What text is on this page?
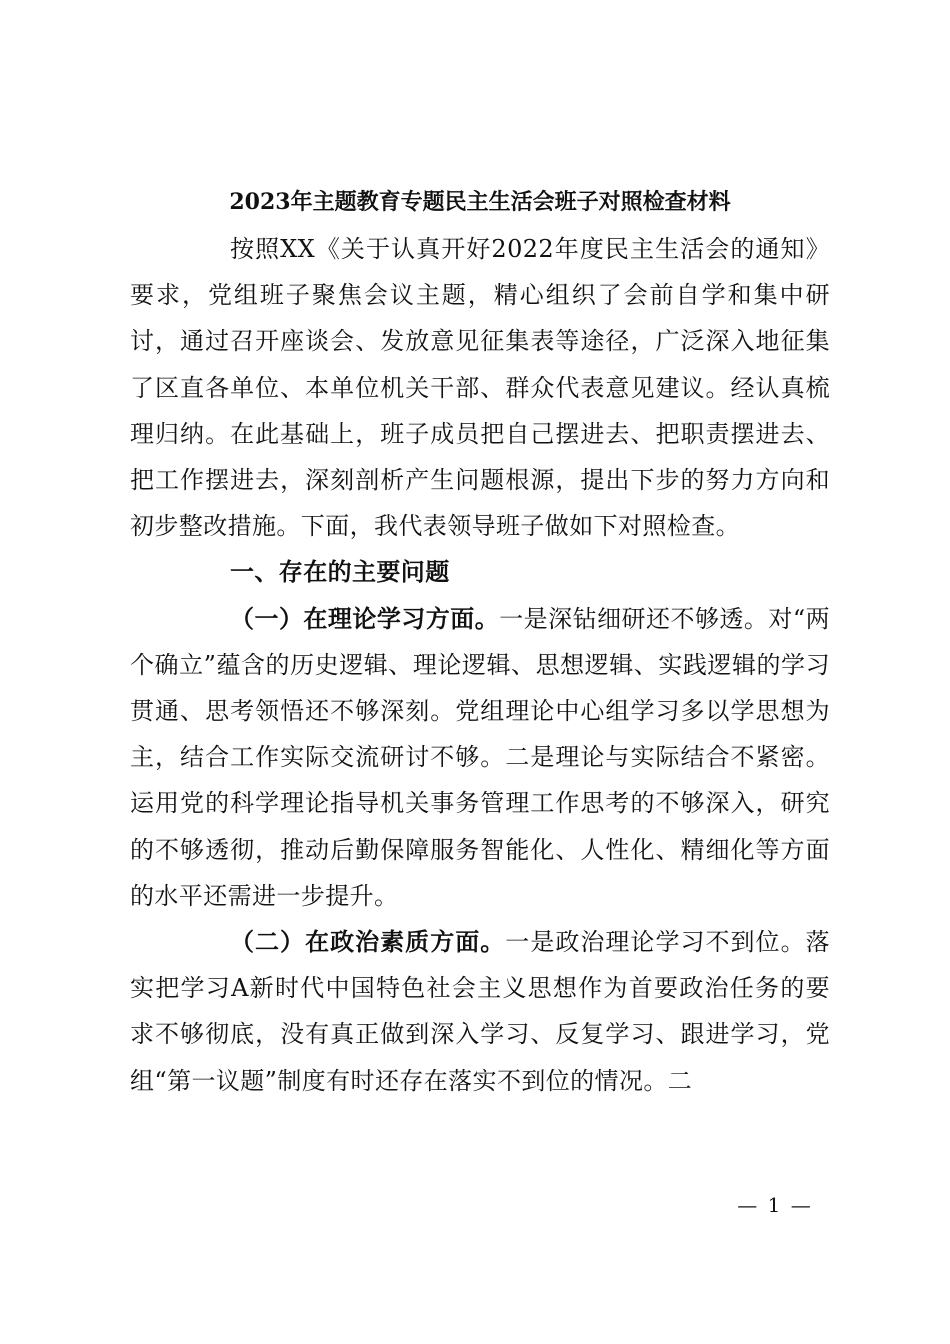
2023年主题教育专题民主生活会班子对照检查材料

按照XX《关于认真开好2022年度民主生活会的通知》要求，党组班子聚焦会议主题，精心组织了会前自学和集中研讨，通过召开座谈会、发放意见征集表等途径，广泛深入地征集了区直各单位、本单位机关干部、群众代表意见建议。经认真梳理归纳。在此基础上，班子成员把自己摆进去、把职责摆进去、把工作摆进去，深刻剖析产生问题根源，提出下步的努力方向和初步整改措施。下面，我代表领导班子做如下对照检查。

一、存在的主要问题

（一）在理论学习方面。一是深钻细研还不够透。对“两个确立”蕴含的历史逻辑、理论逻辑、思想逻辑、实践逻辑的学习贯通、思考领悟还不够深刻。党组理论中心组学习多以学思想为主，结合工作实际交流研讨不够。二是理论与实际结合不紧密。运用党的科学理论指导机关事务管理工作思考的不够深入，研究的不够透彻，推动后勤保障服务智能化、人性化、精细化等方面的水平还需进一步提升。

（二）在政治素质方面。一是政治理论学习不到位。落实把学习A新时代中国特色社会主义思想作为首要政治任务的要求不够彻底，没有真正做到深入学习、反复学习、跟进学习，党组“第一议题”制度有时还存在落实不到位的情况。二

— 1 —
